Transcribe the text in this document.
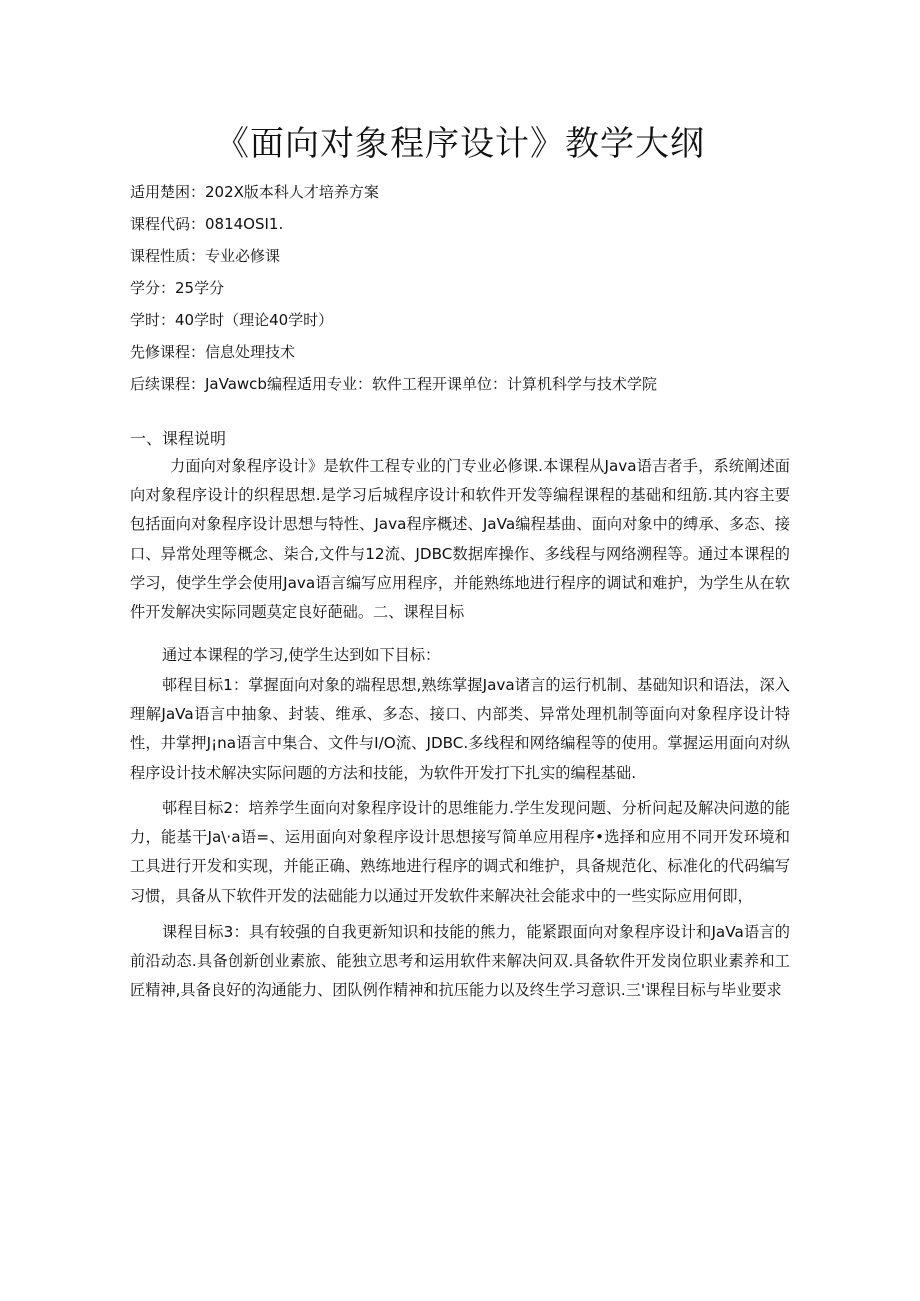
《面向对象程序设计》教学大纲
适用楚困：202X版本科人才培养方案
课程代码：0814OSI1.
课程性质：专业必修课
学分：25学分
学时：40学时（理论40学时）
先修课程：信息处理技术
后续课程：JaVawcb编程适用专业：软件工程开课单位：计算机科学与技术学院
一、课程说明

力面向对象程序设计》是软件工程专业的门专业必修课.本课程从Java语吉者手，系统阐述面向对象程序设计的织程思想.是学习后城程序设计和软件开发等编程课程的基础和纽筋.其内容主要包括面向对象程序设计思想与特性、Java程序概述、JaVa编程基曲、面向对象中的缚承、多态、接口、异常处理等概念、柒合,文件与12流、JDBC数据库操作、多线程与网络溯程等。通过本课程的学习，使学生学会使用Java语言编写应用程序，并能熟练地进行程序的调试和难护，为学生从在软件开发解决实际同题莫定良好葩础。二、课程目标

通过本课程的学习,使学生达到如下目标：

邨程目标1：掌握面向对象的端程思想,熟练掌握Java诸言的运行机制、基础知识和语法，深入理解JaVa语言中抽象、封装、维承、多态、接口、内部类、异常处理机制等面向对象程序设计特性，井掌押J¡na语言中集合、文件与I/O流、JDBC.多线程和网络编程等的使用。掌握运用面向对纵程序设计技术解决实际问题的方法和技能，为软件开发打下扎实的编程基础.

邨程目标2：培养学生面向对象程序设计的思维能力.学生发现问题、分析问起及解决问遨的能力，能基干Ja\·a语=、运用面向对象程序设计思想接写简单应用程序•选择和应用不同开发环境和工具进行开发和实现，并能正确、熟练地进行程序的调式和维护，具备规范化、标准化的代码编写习惯，具备从下软件开发的法础能力以通过开发软件来解决社会能求中的一些实际应用何即，

课程目标3：具有较强的自我更新知识和技能的熊力，能紧跟面向对象程序设计和JaVa语言的前沿动态.具备创新创业素旅、能独立思考和运用软件来解决问双.具备软件开发岗位职业素养和工匠精神,具备良好的沟通能力、团队例作精神和抗压能力以及终生学习意识.三'课程目标与毕业要求
